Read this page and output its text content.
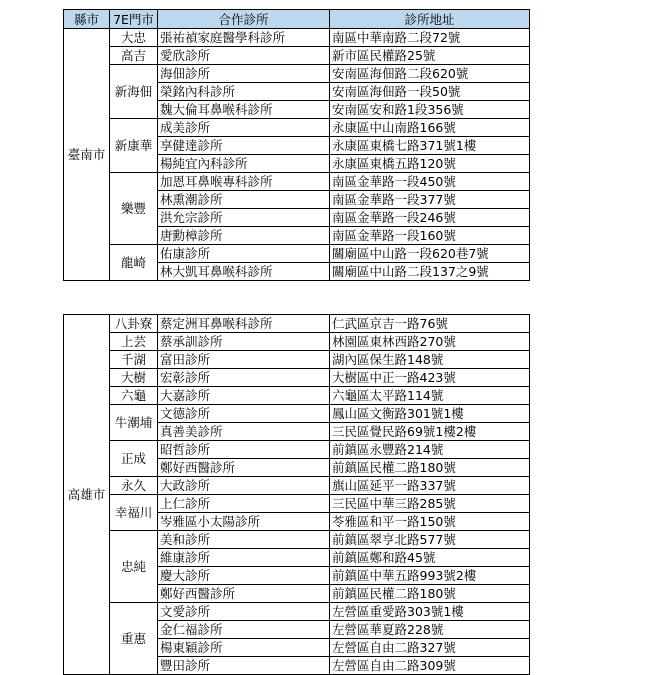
縣市	7E門市	合作診所	診所地址
臺南市	大忠	張祐禎家庭醫學科診所	南區中華南路二段72號
	高吉	愛欣診所	新市區民權路25號
	新海佃	海佃診所	安南區海佃路二段620號
		榮銘內科診所	安南區海佃路一段50號
		魏大倫耳鼻喉科診所	安南區安和路1段356號
	新康華	成美診所	永康區中山南路166號
		享健達診所	永康區東橋七路371號1樓
		楊純宜內科診所	永康區東橋五路120號
	樂豐	加恩耳鼻喉專科診所	南區金華路一段450號
		林熏潮診所	南區金華路一段377號
		洪允宗診所	南區金華路一段246號
		唐勳樟診所	南區金華路一段160號
	龍崎	佑康診所	關廟區中山路一段620巷7號
		林大凱耳鼻喉科診所	關廟區中山路二段137之9號
高雄市	八卦寮	蔡定洲耳鼻喉科診所	仁武區京吉一路76號
	上芸	蔡承訓診所	林園區東林西路270號
	千湖	富田診所	湖內區保生路148號
	大樹	宏彰診所	大樹區中正一路423號
	六龜	大嘉診所	六龜區太平路114號
	牛潮埔	文德診所	鳳山區文衡路301號1樓
		真善美診所	三民區覺民路69號1樓2樓
	正成	昭哲診所	前鎮區永豐路214號
		鄭好西醫診所	前鎮區民權二路180號
	永久	大政診所	旗山區延平一路337號
	幸福川	上仁診所	三民區中華三路285號
		岑雅區小太陽診所	苓雅區和平一路150號
	忠純	美和診所	前鎮區翠亨北路577號
		維康診所	前鎮區鄭和路45號
		慶大診所	前鎮區中華五路993號2樓
		鄭好西醫診所	前鎮區民權二路180號
	重惠	文愛診所	左營區重愛路303號1樓
		金仁福診所	左營區華夏路228號
		楊東穎診所	左營區自由二路327號
		豐田診所	左營區自由二路309號
